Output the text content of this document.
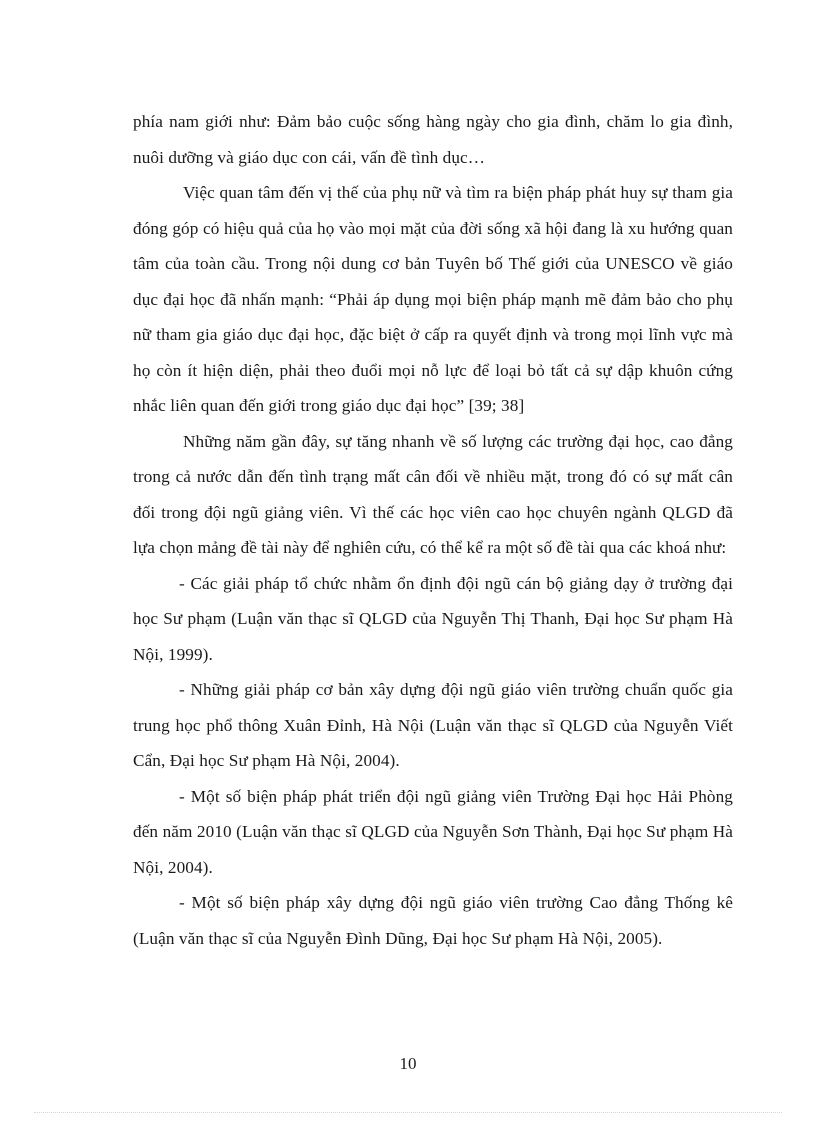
phía nam giới như: Đảm bảo cuộc sống hàng ngày cho gia đình, chăm lo gia đình, nuôi dưỡng và giáo dục con cái, vấn đề tình dục…

Việc quan tâm đến vị thế của phụ nữ và tìm ra biện pháp phát huy sự tham gia đóng góp có hiệu quả của họ vào mọi mặt của đời sống xã hội đang là xu hướng quan tâm của toàn cầu. Trong nội dung cơ bản Tuyên bố Thế giới của UNESCO về giáo dục đại học đã nhấn mạnh: “Phải áp dụng mọi biện pháp mạnh mẽ đảm bảo cho phụ nữ tham gia giáo dục đại học, đặc biệt ở cấp ra quyết định và trong mọi lĩnh vực mà họ còn ít hiện diện, phải theo đuổi mọi nỗ lực để loại bỏ tất cả sự dập khuôn cứng nhắc liên quan đến giới trong giáo dục đại học” [39; 38]

Những năm gần đây, sự tăng nhanh về số lượng các trường đại học, cao đẳng trong cả nước dẫn đến tình trạng mất cân đối về nhiều mặt, trong đó có sự mất cân đối trong đội ngũ giảng viên. Vì thế các học viên cao học chuyên ngành QLGD đã lựa chọn mảng đề tài này để nghiên cứu, có thể kể ra một số đề tài qua các khoá như:

- Các giải pháp tổ chức nhằm ổn định đội ngũ cán bộ giảng dạy ở trường đại học Sư phạm (Luận văn thạc sĩ QLGD của Nguyễn Thị Thanh, Đại học Sư phạm Hà Nội, 1999).

- Những giải pháp cơ bản xây dựng đội ngũ giáo viên trường chuẩn quốc gia trung học phổ thông Xuân Đỉnh, Hà Nội (Luận văn thạc sĩ QLGD của Nguyễn Viết Cẩn, Đại học Sư phạm Hà Nội, 2004).

- Một số biện pháp phát triển đội ngũ giảng viên Trường Đại học Hải Phòng đến năm 2010 (Luận văn thạc sĩ QLGD của Nguyễn Sơn Thành, Đại học Sư phạm Hà Nội, 2004).

- Một số biện pháp xây dựng đội ngũ giáo viên trường Cao đẳng Thống kê (Luận văn thạc sĩ của Nguyễn Đình Dũng, Đại học Sư phạm Hà Nội, 2005).

10
